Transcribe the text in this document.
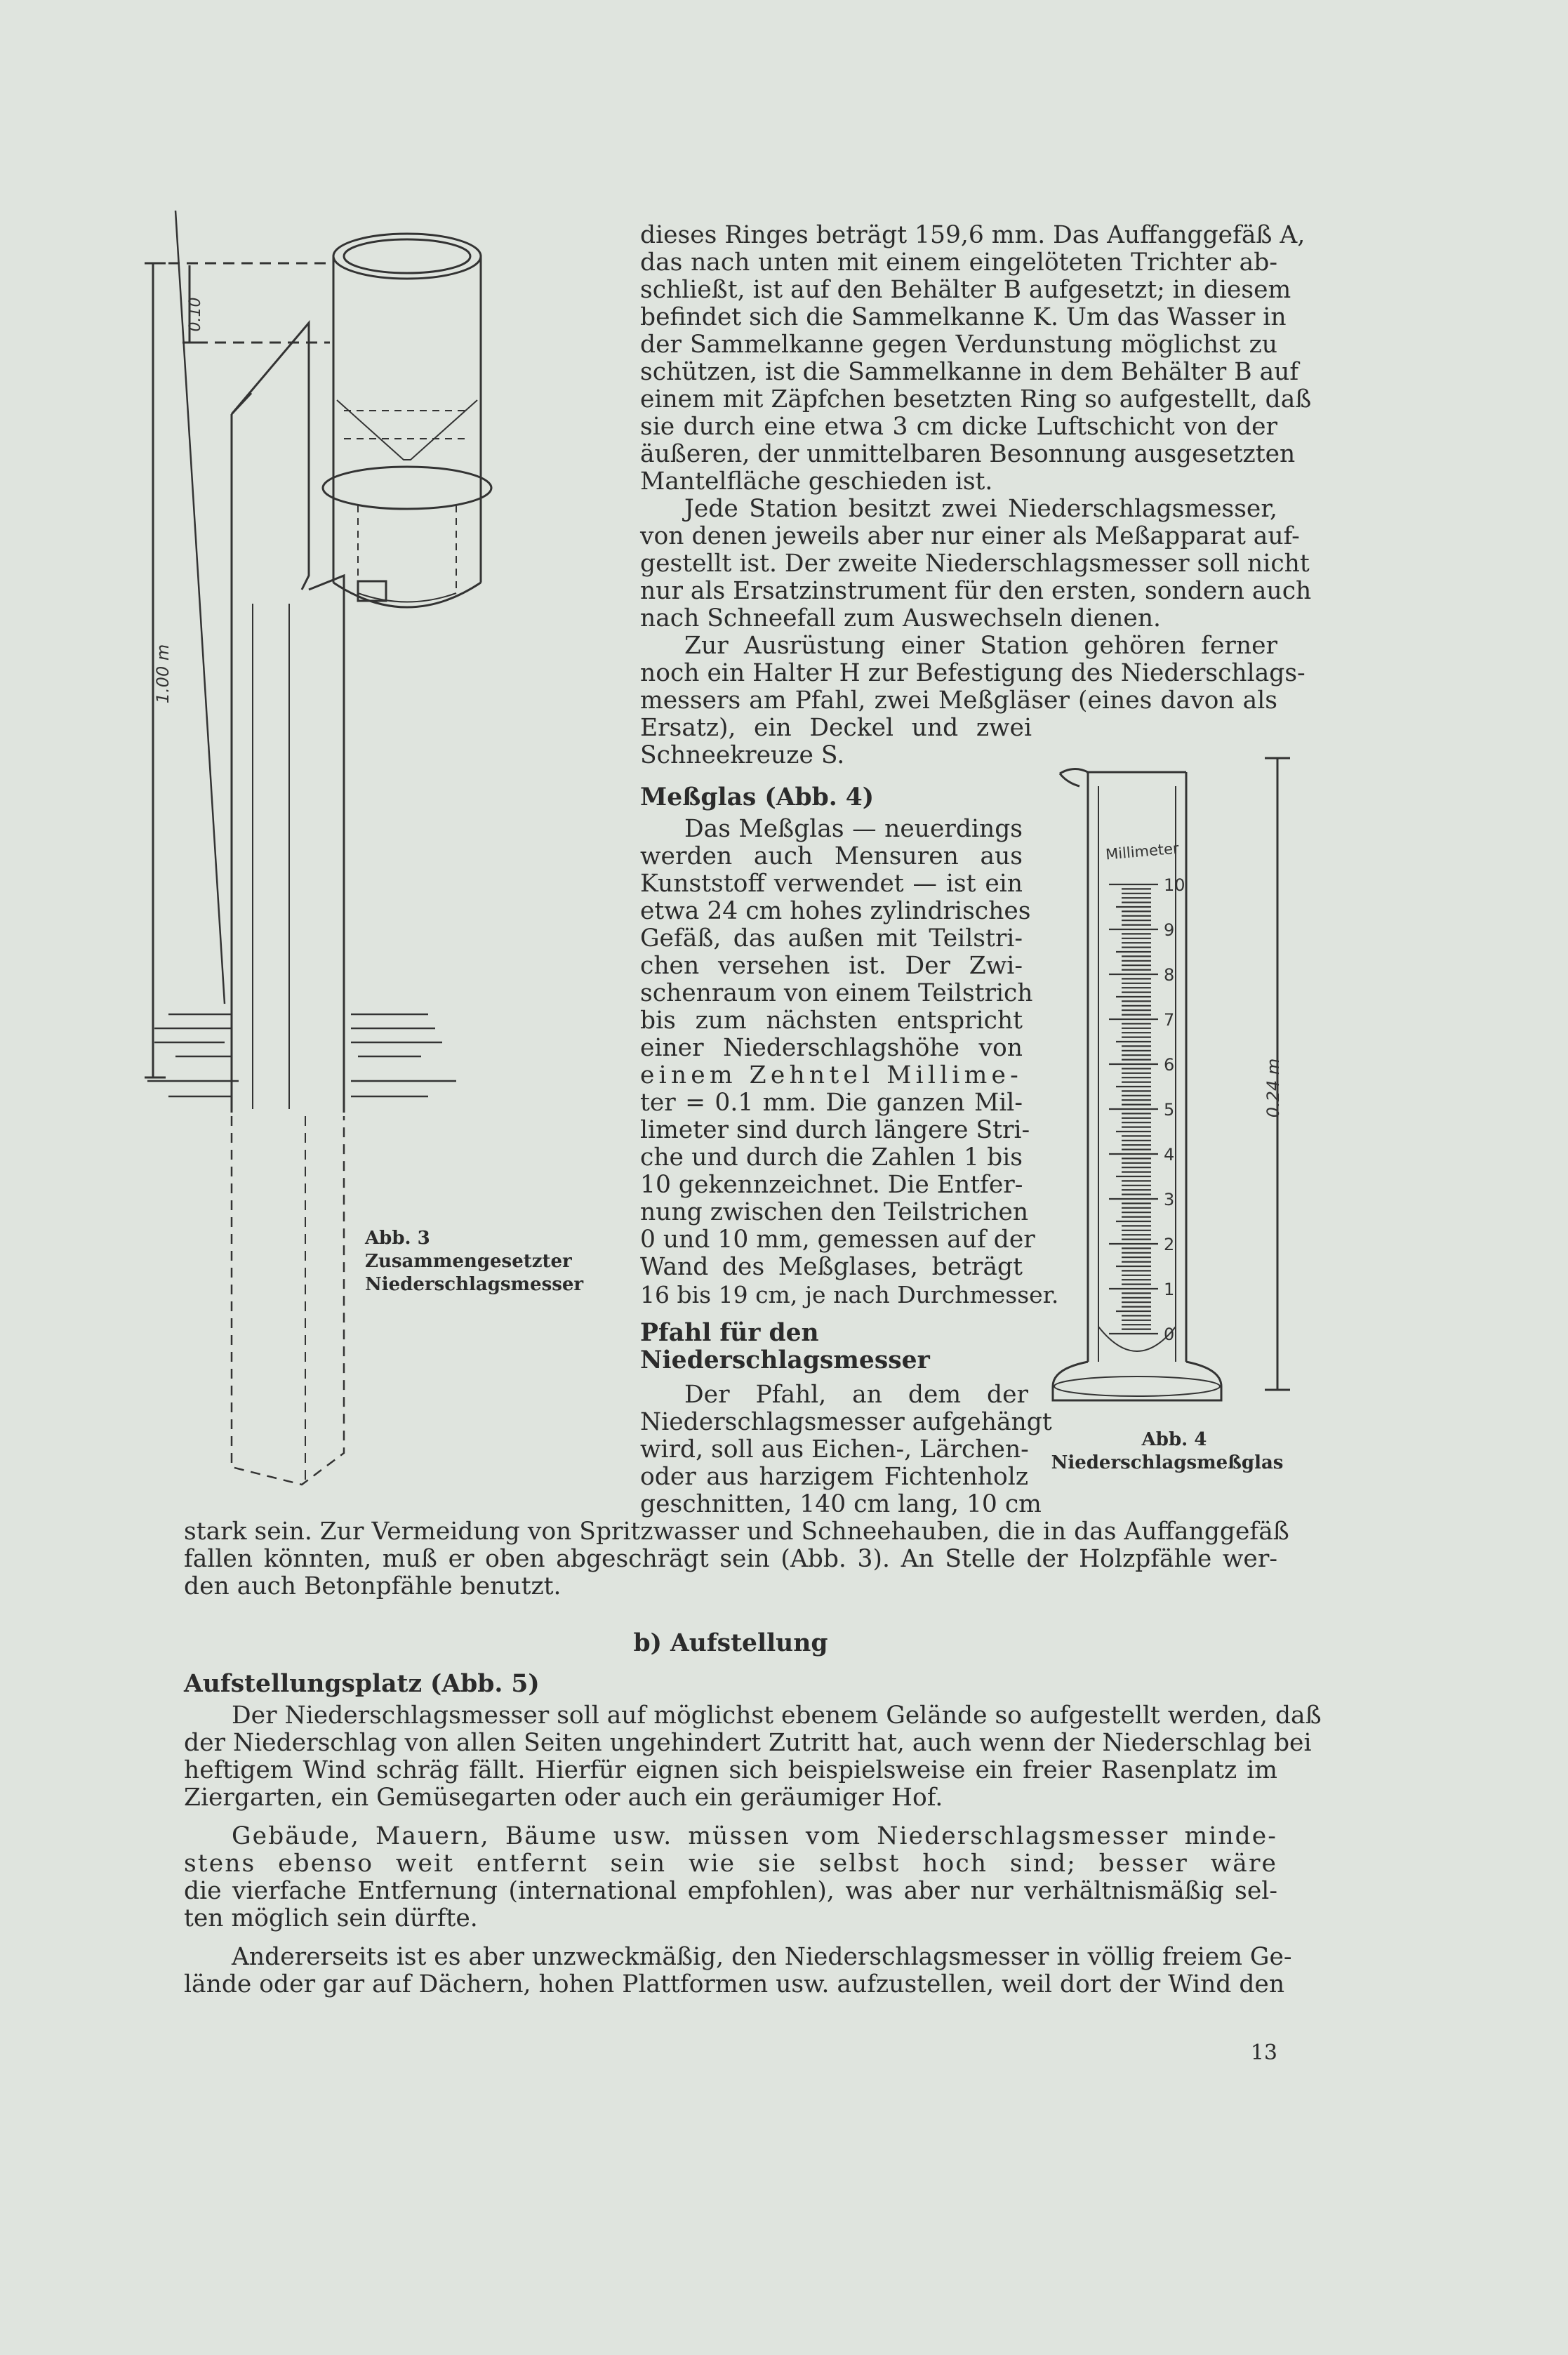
0.10
1.00 m
Abb. 3
Zusammengesetzter
Niederschlagsmesser
Millimeter
10
9
8
7
6
5
4
3
2
1
0
0.24 m
Abb. 4
Niederschlagsmeßglas
dieses Ringes beträgt 159,6 mm. Das Auffanggefäß A,
das nach unten mit einem eingelöteten Trichter ab-
schließt, ist auf den Behälter B aufgesetzt; in diesem
befindet sich die Sammelkanne K. Um das Wasser in
der Sammelkanne gegen Verdunstung möglichst zu
schützen, ist die Sammelkanne in dem Behälter B auf
einem mit Zäpfchen besetzten Ring so aufgestellt, daß
sie durch eine etwa 3 cm dicke Luftschicht von der
äußeren, der unmittelbaren Besonnung ausgesetzten
Mantelfläche geschieden ist.
Jede Station besitzt zwei Niederschlagsmesser,
von denen jeweils aber nur einer als Meßapparat auf-
gestellt ist. Der zweite Niederschlagsmesser soll nicht
nur als Ersatzinstrument für den ersten, sondern auch
nach Schneefall zum Auswechseln dienen.
Zur Ausrüstung einer Station gehören ferner
noch ein Halter H zur Befestigung des Niederschlags-
messers am Pfahl, zwei Meßgläser (eines davon als
Ersatz), ein Deckel und zwei
Schneekreuze S.
Meßglas (Abb. 4)
Das Meßglas — neuerdings
werden auch Mensuren aus
Kunststoff verwendet — ist ein
etwa 24 cm hohes zylindrisches
Gefäß, das außen mit Teilstri-
chen versehen ist. Der Zwi-
schenraum von einem Teilstrich
bis zum nächsten entspricht
einer Niederschlagshöhe von
einem Zehntel Millime-
ter = 0.1 mm. Die ganzen Mil-
limeter sind durch längere Stri-
che und durch die Zahlen 1 bis
10 gekennzeichnet. Die Entfer-
nung zwischen den Teilstrichen
0 und 10 mm, gemessen auf der
Wand des Meßglases, beträgt
16 bis 19 cm, je nach Durchmesser.
Pfahl für den
Niederschlagsmesser
Der Pfahl, an dem der
Niederschlagsmesser aufgehängt
wird, soll aus Eichen-, Lärchen-
oder aus harzigem Fichtenholz
geschnitten, 140 cm lang, 10 cm
stark sein. Zur Vermeidung von Spritzwasser und Schneehauben, die in das Auffanggefäß
fallen könnten, muß er oben abgeschrägt sein (Abb. 3). An Stelle der Holzpfähle wer-
den auch Betonpfähle benutzt.
b) Aufstellung
Aufstellungsplatz (Abb. 5)
Der Niederschlagsmesser soll auf möglichst ebenem Gelände so aufgestellt werden, daß
der Niederschlag von allen Seiten ungehindert Zutritt hat, auch wenn der Niederschlag bei
heftigem Wind schräg fällt. Hierfür eignen sich beispielsweise ein freier Rasenplatz im
Ziergarten, ein Gemüsegarten oder auch ein geräumiger Hof.
Gebäude, Mauern, Bäume usw. müssen vom Niederschlagsmesser minde-
stens ebenso weit entfernt sein wie sie selbst hoch sind; besser wäre
die vierfache Entfernung (international empfohlen), was aber nur verhältnismäßig sel-
ten möglich sein dürfte.
Andererseits ist es aber unzweckmäßig, den Niederschlagsmesser in völlig freiem Ge-
lände oder gar auf Dächern, hohen Plattformen usw. aufzustellen, weil dort der Wind den
13
